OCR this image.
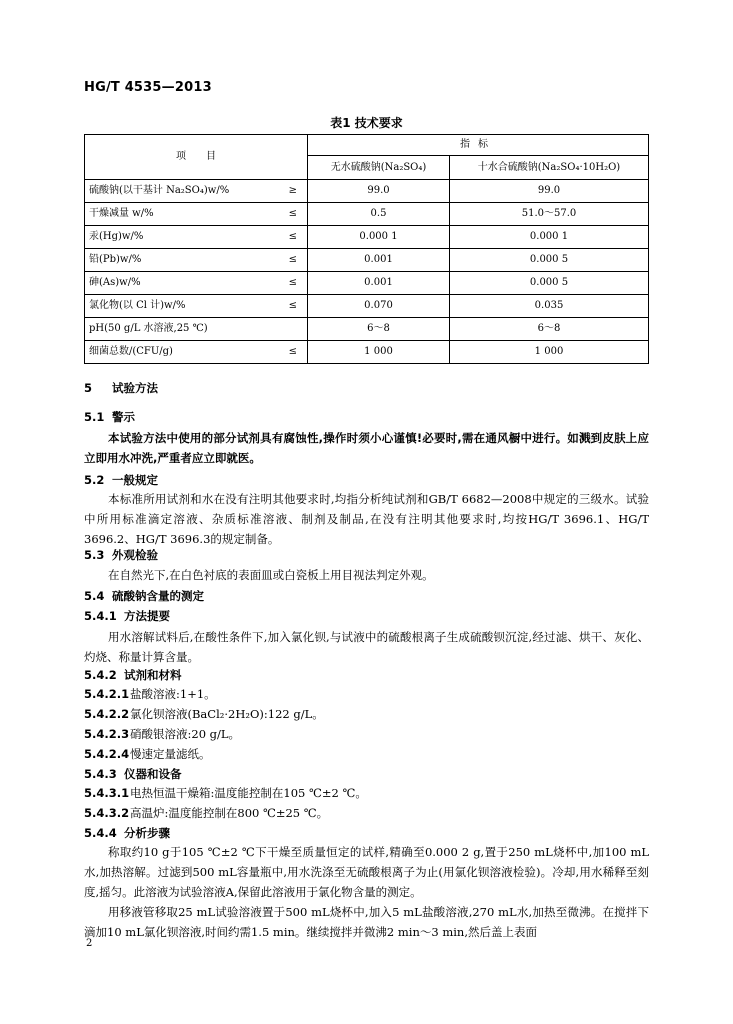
HG/T 4535—2013
表1 技术要求
项　　目		指标	
		无水硫酸钠(Na₂SO₄)	十水合硫酸钠(Na₂SO₄·10H₂O)
硫酸钠(以干基计 Na₂SO₄)w/%	≥	99.0	99.0
干燥减量 w/%	≤	0.5	51.0～57.0
汞(Hg)w/%	≤	0.000 1	0.000 1
铅(Pb)w/%	≤	0.001	0.000 5
砷(As)w/%	≤	0.001	0.000 5
氯化物(以 Cl 计)w/%	≤	0.070	0.035
pH(50 g/L 水溶液,25 ℃)		6～8	6～8
细菌总数/(CFU/g)	≤	1 000	1 000
5 试验方法
5.1 警示
本试验方法中使用的部分试剂具有腐蚀性,操作时须小心谨慎!必要时,需在通风橱中进行。如溅到皮肤上应立即用水冲洗,严重者应立即就医。
5.2 一般规定
本标准所用试剂和水在没有注明其他要求时,均指分析纯试剂和GB/T 6682—2008中规定的三级水。试验中所用标准滴定溶液、杂质标准溶液、制剂及制品,在没有注明其他要求时,均按HG/T 3696.1、HG/T 3696.2、HG/T 3696.3的规定制备。
5.3 外观检验
在自然光下,在白色衬底的表面皿或白瓷板上用目视法判定外观。
5.4 硫酸钠含量的测定
5.4.1 方法提要
用水溶解试料后,在酸性条件下,加入氯化钡,与试液中的硫酸根离子生成硫酸钡沉淀,经过滤、烘干、灰化、灼烧、称量计算含量。
5.4.2 试剂和材料
5.4.2.1盐酸溶液:1+1。
5.4.2.2氯化钡溶液(BaCl₂·2H₂O):122 g/L。
5.4.2.3硝酸银溶液:20 g/L。
5.4.2.4慢速定量滤纸。
5.4.3 仪器和设备
5.4.3.1电热恒温干燥箱:温度能控制在105 ℃±2 ℃。
5.4.3.2高温炉:温度能控制在800 ℃±25 ℃。
5.4.4 分析步骤
称取约10 g于105 ℃±2 ℃下干燥至质量恒定的试样,精确至0.000 2 g,置于250 mL烧杯中,加100 mL水,加热溶解。过滤到500 mL容量瓶中,用水洗涤至无硫酸根离子为止(用氯化钡溶液检验)。冷却,用水稀释至刻度,摇匀。此溶液为试验溶液A,保留此溶液用于氯化物含量的测定。
用移液管移取25 mL试验溶液置于500 mL烧杯中,加入5 mL盐酸溶液,270 mL水,加热至微沸。在搅拌下滴加10 mL氯化钡溶液,时间约需1.5 min。继续搅拌并微沸2 min～3 min,然后盖上表面
2
